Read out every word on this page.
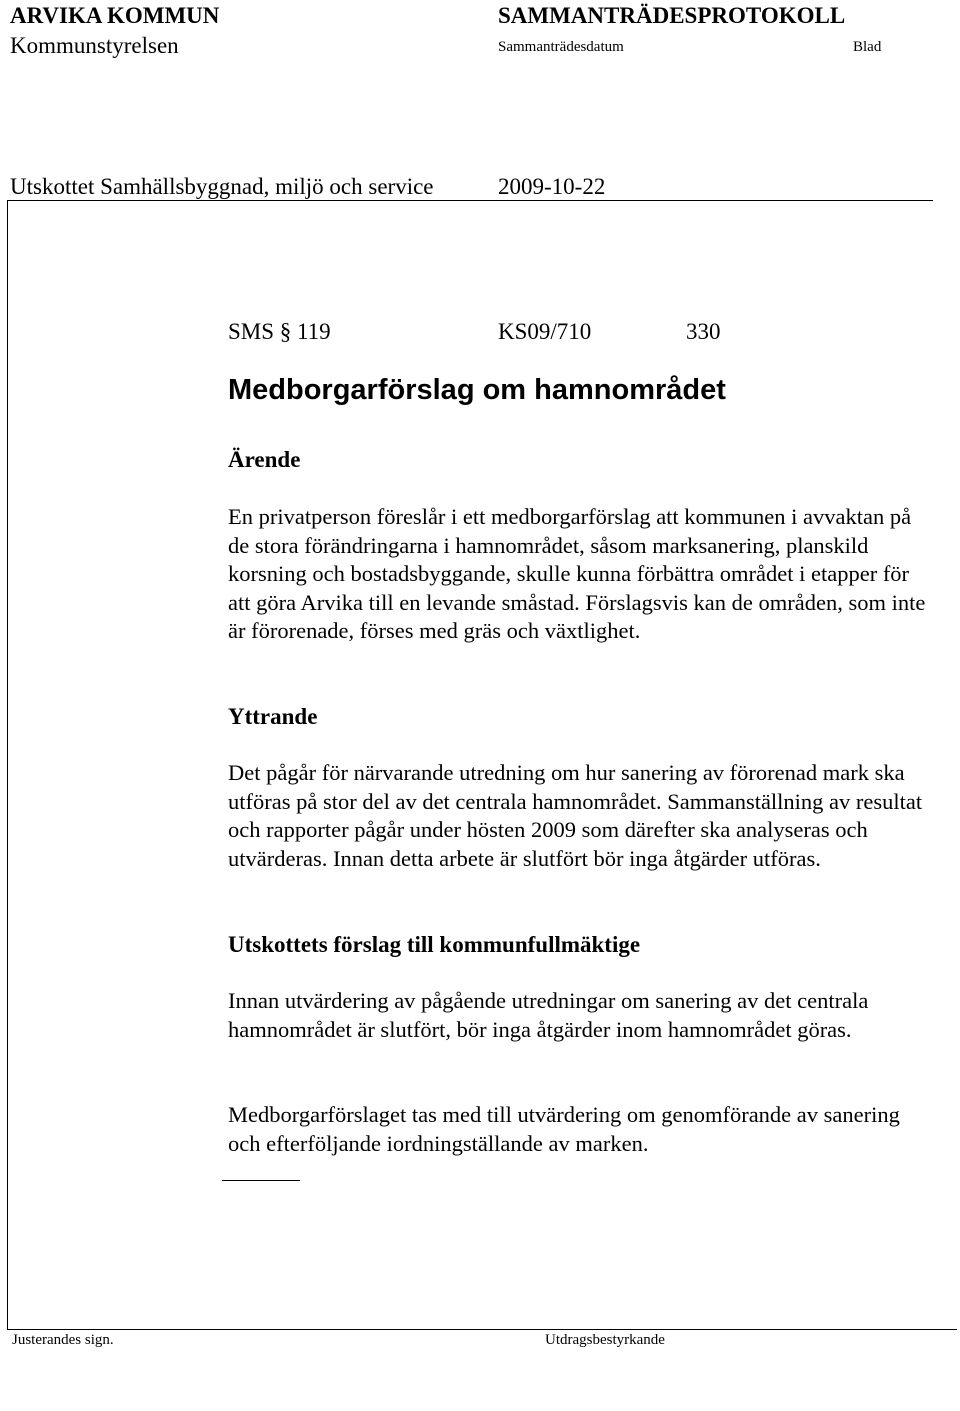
ARVIKA KOMMUN	SAMMANTRÄDESPROTOKOLL
Kommunstyrelsen	Sammanträdesdatum	Blad
Utskottet Samhällsbyggnad, miljö och service	2009-10-22
SMS § 119	KS09/710	330
Medborgarförslag om hamnområdet
Ärende

En privatperson föreslår i ett medborgarförslag att kommunen i avvaktan på de stora förändringarna i hamnområdet, såsom marksanering, planskild korsning och bostadsbyggande, skulle kunna förbättra området i etapper för att göra Arvika till en levande småstad. Förslagsvis kan de områden, som inte är förorenade, förses med gräs och växtlighet.

Yttrande

Det pågår för närvarande utredning om hur sanering av förorenad mark ska utföras på stor del av det centrala hamnområdet. Sammanställning av resultat och rapporter pågår under hösten 2009 som därefter ska analyseras och utvärderas. Innan detta arbete är slutfört bör inga åtgärder utföras.

Utskottets förslag till kommunfullmäktige

Innan utvärdering av pågående utredningar om sanering av det centrala hamnområdet är slutfört, bör inga åtgärder inom hamnområdet göras.

Medborgarförslaget tas med till utvärdering om genomförande av sanering och efterföljande iordningställande av marken.

Justerandes sign.	Utdragsbestyrkande
